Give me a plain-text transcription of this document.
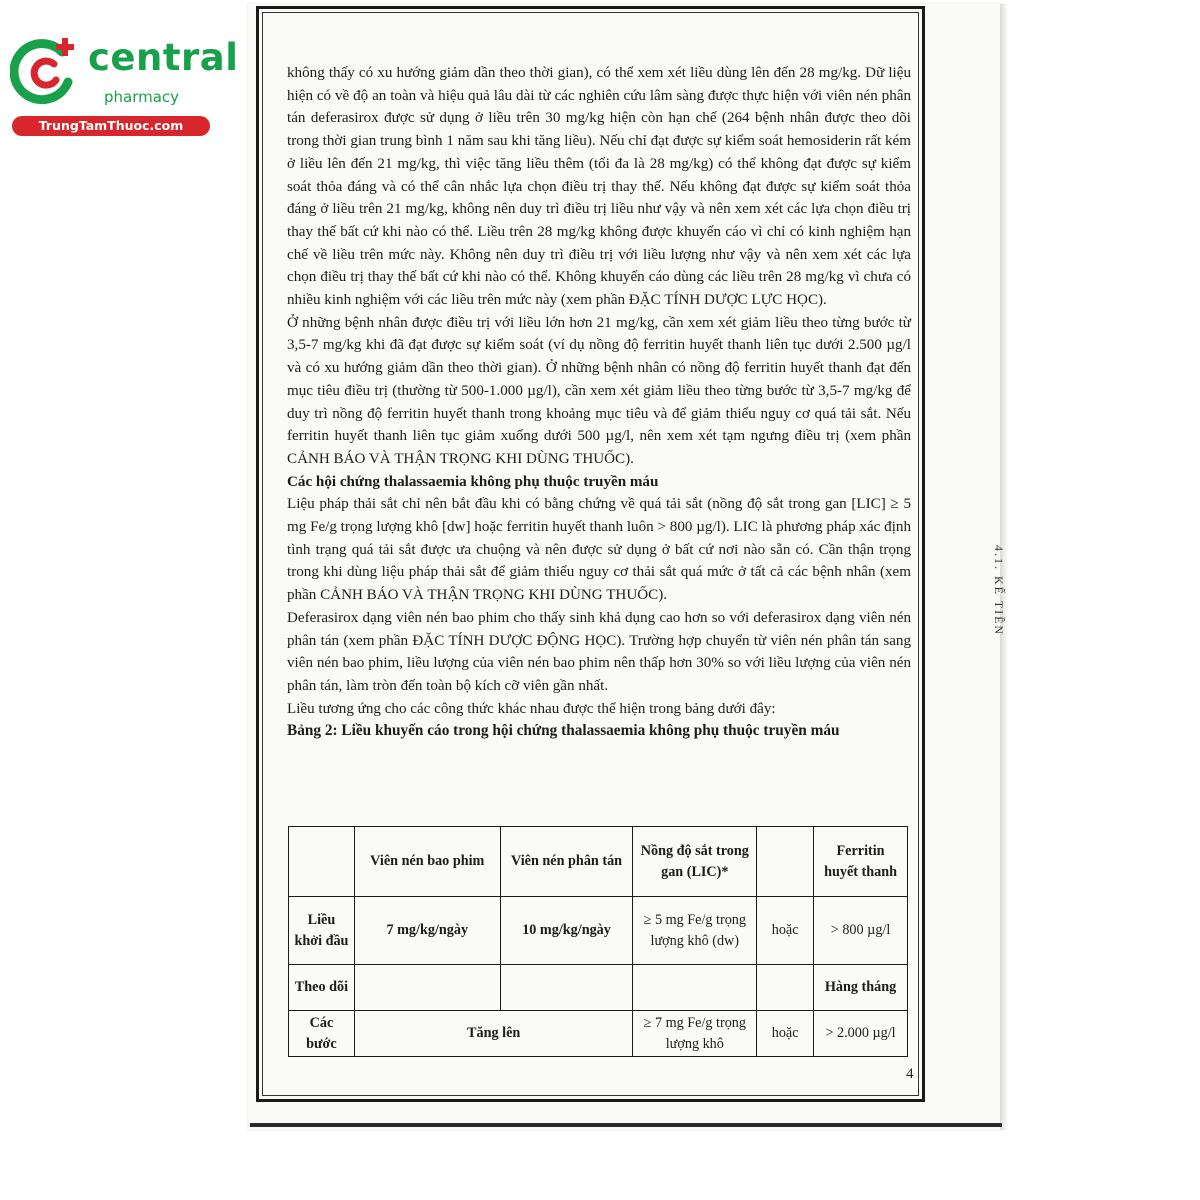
central
pharmacy
TrungTamThuoc.com

không thấy có xu hướng giảm dần theo thời gian), có thể xem xét liều dùng lên đến 28 mg/kg. Dữ liệu hiện có về độ an toàn và hiệu quả lâu dài từ các nghiên cứu lâm sàng được thực hiện với viên nén phân tán deferasirox được sử dụng ở liều trên 30 mg/kg hiện còn hạn chế (264 bệnh nhân được theo dõi trong thời gian trung bình 1 năm sau khi tăng liều). Nếu chỉ đạt được sự kiểm soát hemosiderin rất kém ở liều lên đến 21 mg/kg, thì việc tăng liều thêm (tối đa là 28 mg/kg) có thể không đạt được sự kiểm soát thỏa đáng và có thể cân nhắc lựa chọn điều trị thay thế. Nếu không đạt được sự kiểm soát thỏa đáng ở liều trên 21 mg/kg, không nên duy trì điều trị liều như vậy và nên xem xét các lựa chọn điều trị thay thế bất cứ khi nào có thể. Liều trên 28 mg/kg không được khuyến cáo vì chỉ có kinh nghiệm hạn chế về liều trên mức này. Không nên duy trì điều trị với liều lượng như vậy và nên xem xét các lựa chọn điều trị thay thế bất cứ khi nào có thể. Không khuyến cáo dùng các liều trên 28 mg/kg vì chưa có nhiều kinh nghiệm với các liều trên mức này (xem phần ĐẶC TÍNH DƯỢC LỰC HỌC).

Ở những bệnh nhân được điều trị với liều lớn hơn 21 mg/kg, cần xem xét giảm liều theo từng bước từ 3,5-7 mg/kg khi đã đạt được sự kiểm soát (ví dụ nồng độ ferritin huyết thanh liên tục dưới 2.500 µg/l và có xu hướng giảm dần theo thời gian). Ở những bệnh nhân có nồng độ ferritin huyết thanh đạt đến mục tiêu điều trị (thường từ 500-1.000 µg/l), cần xem xét giảm liều theo từng bước từ 3,5-7 mg/kg để duy trì nồng độ ferritin huyết thanh trong khoảng mục tiêu và để giảm thiểu nguy cơ quá tải sắt. Nếu ferritin huyết thanh liên tục giảm xuống dưới 500 µg/l, nên xem xét tạm ngưng điều trị (xem phần CẢNH BÁO VÀ THẬN TRỌNG KHI DÙNG THUỐC).

Các hội chứng thalassaemia không phụ thuộc truyền máu

Liệu pháp thải sắt chỉ nên bắt đầu khi có bằng chứng về quá tải sắt (nồng độ sắt trong gan [LIC] ≥ 5 mg Fe/g trọng lượng khô [dw] hoặc ferritin huyết thanh luôn > 800 µg/l). LIC là phương pháp xác định tình trạng quá tải sắt được ưa chuộng và nên được sử dụng ở bất cứ nơi nào sẵn có. Cần thận trọng trong khi dùng liệu pháp thải sắt để giảm thiểu nguy cơ thải sắt quá mức ở tất cả các bệnh nhân (xem phần CẢNH BÁO VÀ THẬN TRỌNG KHI DÙNG THUỐC).

Deferasirox dạng viên nén bao phim cho thấy sinh khả dụng cao hơn so với deferasirox dạng viên nén phân tán (xem phần ĐẶC TÍNH DƯỢC ĐỘNG HỌC). Trường hợp chuyển từ viên nén phân tán sang viên nén bao phim, liều lượng của viên nén bao phim nên thấp hơn 30% so với liều lượng của viên nén phân tán, làm tròn đến toàn bộ kích cỡ viên gần nhất.

Liều tương ứng cho các công thức khác nhau được thể hiện trong bảng dưới đây:

Bảng 2: Liều khuyến cáo trong hội chứng thalassaemia không phụ thuộc truyền máu

	Viên nén bao phim	Viên nén phân tán	Nồng độ sắt trong gan (LIC)*		Ferritin huyết thanh
Liều khởi đầu	7 mg/kg/ngày	10 mg/kg/ngày	≥ 5 mg Fe/g trọng lượng khô (dw)	hoặc	> 800 µg/l
Theo dõi					Hàng tháng
Các bước	Tăng lên		≥ 7 mg Fe/g trọng lượng khô	hoặc	> 2.000 µg/l
4
4.1. KẾ TIỀN
